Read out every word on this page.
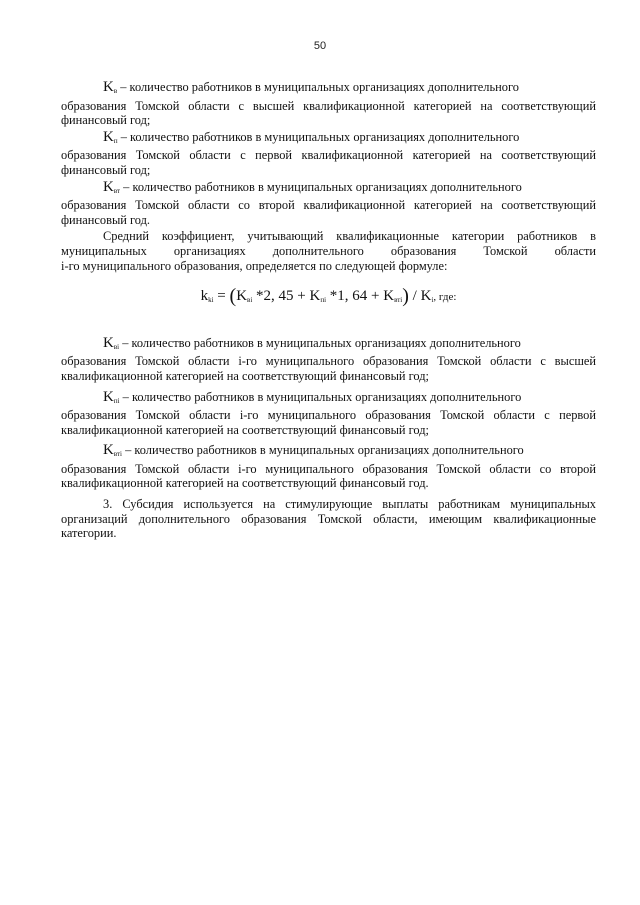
50
$K_в$ – количество работников в муниципальных организациях дополнительного
образования Томской области с высшей квалификационной категорией на соответствующий финансовый год;
$K_п$ – количество работников в муниципальных организациях дополнительного
образования Томской области с первой квалификационной категорией на соответствующий финансовый год;
$K_{вт}$ – количество работников в муниципальных организациях дополнительного
образования Томской области со второй квалификационной категорией на соответствующий финансовый год.

Средний коэффициент, учитывающий квалификационные категории работников в

муниципальных организациях дополнительного образования Томской области

i-го муниципального образования, определяется по следующей формуле:

$k_{ki} = (K_{вi}$ *2, $45 + K_{пi}$ *1, $64 + K_{втi}) / K_i$, где:
$K_{вi}$ – количество работников в муниципальных организациях дополнительного
образования Томской области i-го муниципального образования Томской области с высшей квалификационной категорией на соответствующий финансовый год;
$K_{пi}$ – количество работников в муниципальных организациях дополнительного
образования Томской области i-го муниципального образования Томской области с первой квалификационной категорией на соответствующий финансовый год;
$K_{втi}$ – количество работников в муниципальных организациях дополнительного
образования Томской области i-го муниципального образования Томской области со второй квалификационной категорией на соответствующий финансовый год.

3. Субсидия используется на стимулирующие выплаты работникам муниципальных организаций дополнительного образования Томской области, имеющим квалификационные категории.
